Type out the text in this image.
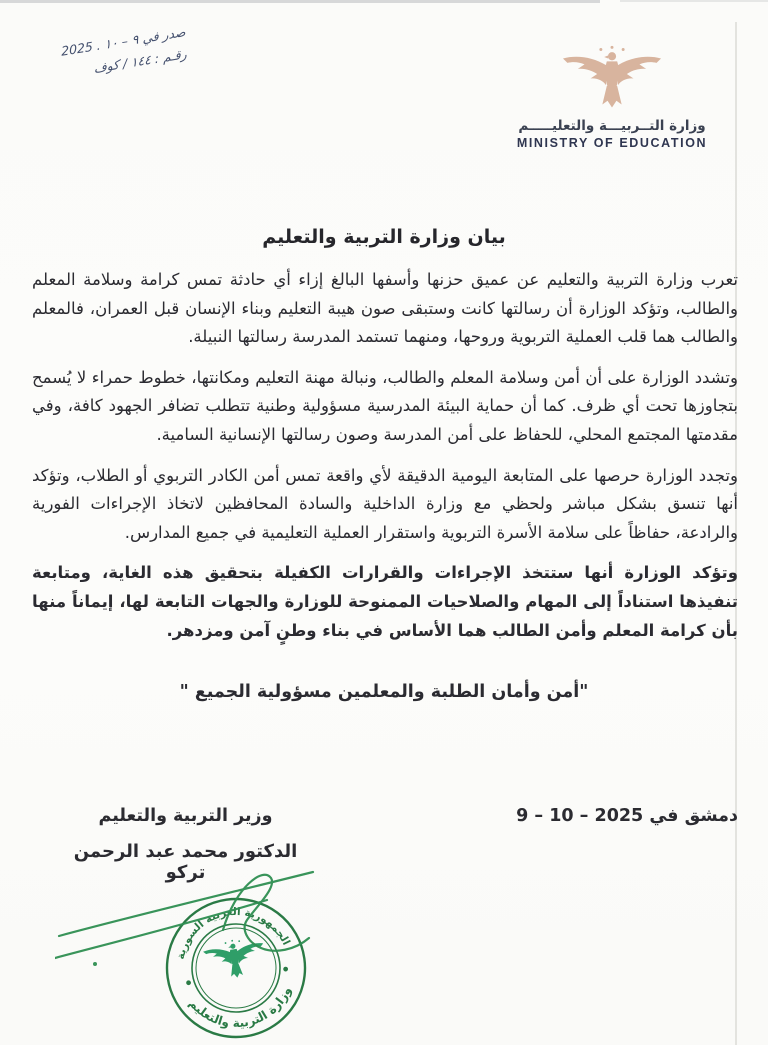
صدر في ٩ – ١٠ . 2025
رقـم : ١٤٤ / كوف
وزارة التــربيـــة والتعليـــــم
MINISTRY OF EDUCATION
بيان وزارة التربية والتعليم

تعرب وزارة التربية والتعليم عن عميق حزنها وأسفها البالغ إزاء أي حادثة تمس كرامة وسلامة المعلم والطالب، وتؤكد الوزارة أن رسالتها كانت وستبقى صون هيبة التعليم وبناء الإنسان قبل العمران، فالمعلم والطالب هما قلب العملية التربوية وروحها، ومنهما تستمد المدرسة رسالتها النبيلة.

وتشدد الوزارة على أن أمن وسلامة المعلم والطالب، ونبالة مهنة التعليم ومكانتها، خطوط حمراء لا يُسمح بتجاوزها تحت أي ظرف. كما أن حماية البيئة المدرسية مسؤولية وطنية تتطلب تضافر الجهود كافة، وفي مقدمتها المجتمع المحلي، للحفاظ على أمن المدرسة وصون رسالتها الإنسانية السامية.

وتجدد الوزارة حرصها على المتابعة اليومية الدقيقة لأي واقعة تمس أمن الكادر التربوي أو الطلاب، وتؤكد أنها تنسق بشكل مباشر ولحظي مع وزارة الداخلية والسادة المحافظين لاتخاذ الإجراءات الفورية والرادعة، حفاظاً على سلامة الأسرة التربوية واستقرار العملية التعليمية في جميع المدارس.

وتؤكد الوزارة أنها ستتخذ الإجراءات والقرارات الكفيلة بتحقيق هذه الغاية، ومتابعة تنفيذها استناداً إلى المهام والصلاحيات الممنوحة للوزارة والجهات التابعة لها، إيماناً منها بأن كرامة المعلم وأمن الطالب هما الأساس في بناء وطنٍ آمن ومزدهر.

"أمن وأمان الطلبة والمعلمين مسؤولية الجميع "
دمشق في 2025 – 10 – 9
وزير التربية والتعليم
الدكتور محمد عبد الرحمن تركو
الجمهورية العربية السورية
وزارة التربية والتعليم
